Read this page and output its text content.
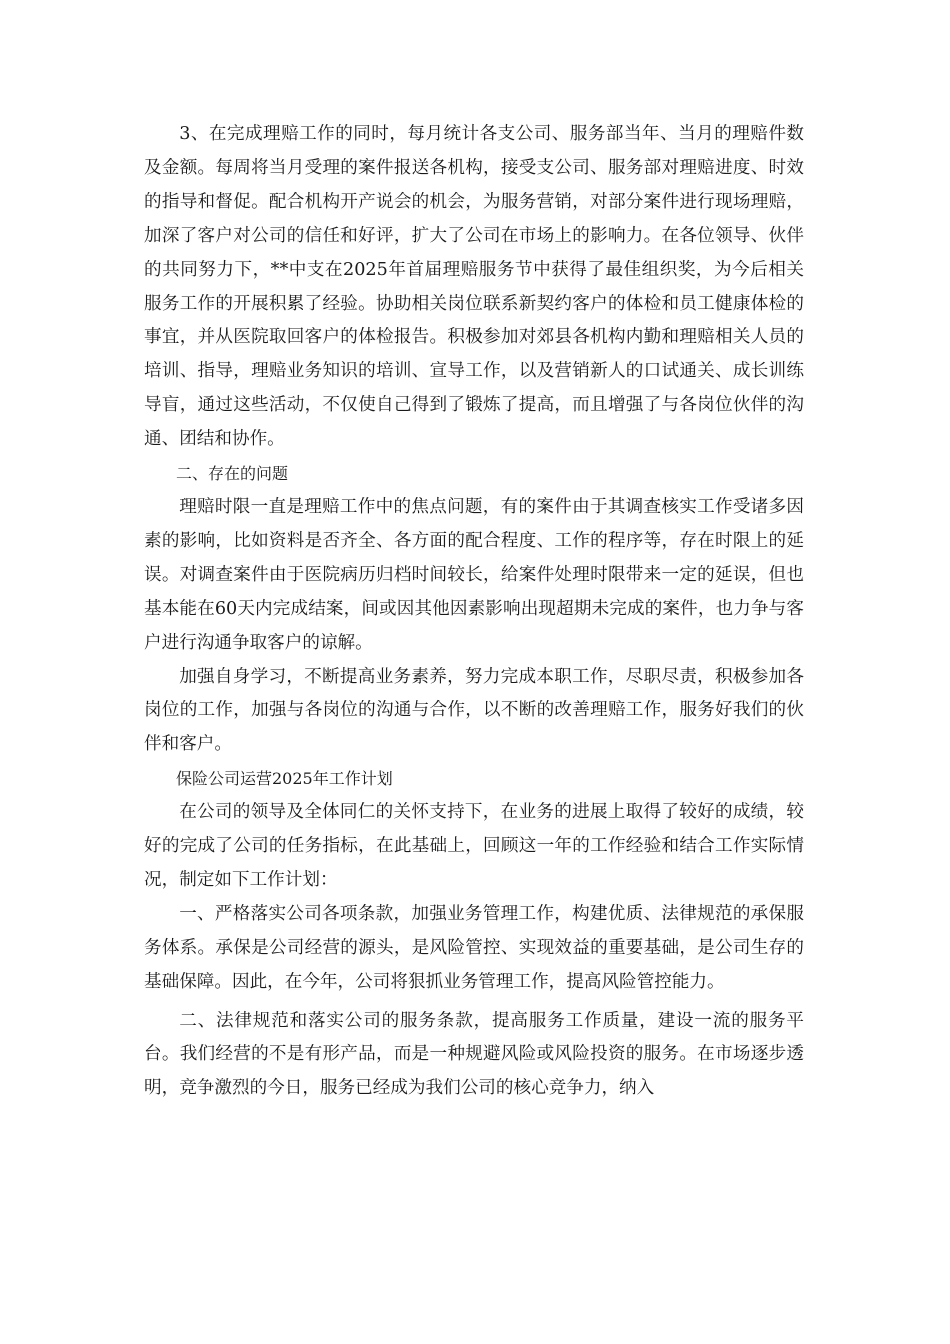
3、在完成理赔工作的同时，每月统计各支公司、服务部当年、当月的理赔件数及金额。每周将当月受理的案件报送各机构，接受支公司、服务部对理赔进度、时效的指导和督促。配合机构开产说会的机会，为服务营销，对部分案件进行现场理赔，加深了客户对公司的信任和好评，扩大了公司在市场上的影响力。在各位领导、伙伴的共同努力下，**中支在2025年首届理赔服务节中获得了最佳组织奖，为今后相关服务工作的开展积累了经验。协助相关岗位联系新契约客户的体检和员工健康体检的事宜，并从医院取回客户的体检报告。积极参加对郊县各机构内勤和理赔相关人员的培训、指导，理赔业务知识的培训、宣导工作，以及营销新人的口试通关、成长训练导盲，通过这些活动，不仅使自己得到了锻炼了提高，而且增强了与各岗位伙伴的沟通、团结和协作。

二、存在的问题

理赔时限一直是理赔工作中的焦点问题，有的案件由于其调查核实工作受诸多因素的影响，比如资料是否齐全、各方面的配合程度、工作的程序等，存在时限上的延误。对调查案件由于医院病历归档时间较长，给案件处理时限带来一定的延误，但也基本能在60天内完成结案，间或因其他因素影响出现超期未完成的案件，也力争与客户进行沟通争取客户的谅解。

加强自身学习，不断提高业务素养，努力完成本职工作，尽职尽责，积极参加各岗位的工作，加强与各岗位的沟通与合作，以不断的改善理赔工作，服务好我们的伙伴和客户。

保险公司运营2025年工作计划

在公司的领导及全体同仁的关怀支持下，在业务的进展上取得了较好的成绩，较好的完成了公司的任务指标，在此基础上，回顾这一年的工作经验和结合工作实际情况，制定如下工作计划：

一、严格落实公司各项条款，加强业务管理工作，构建优质、法律规范的承保服务体系。承保是公司经营的源头，是风险管控、实现效益的重要基础，是公司生存的基础保障。因此，在今年，公司将狠抓业务管理工作，提高风险管控能力。

二、法律规范和落实公司的服务条款，提高服务工作质量，建设一流的服务平台。我们经营的不是有形产品，而是一种规避风险或风险投资的服务。在市场逐步透明，竞争激烈的今日，服务已经成为我们公司的核心竞争力，纳入
